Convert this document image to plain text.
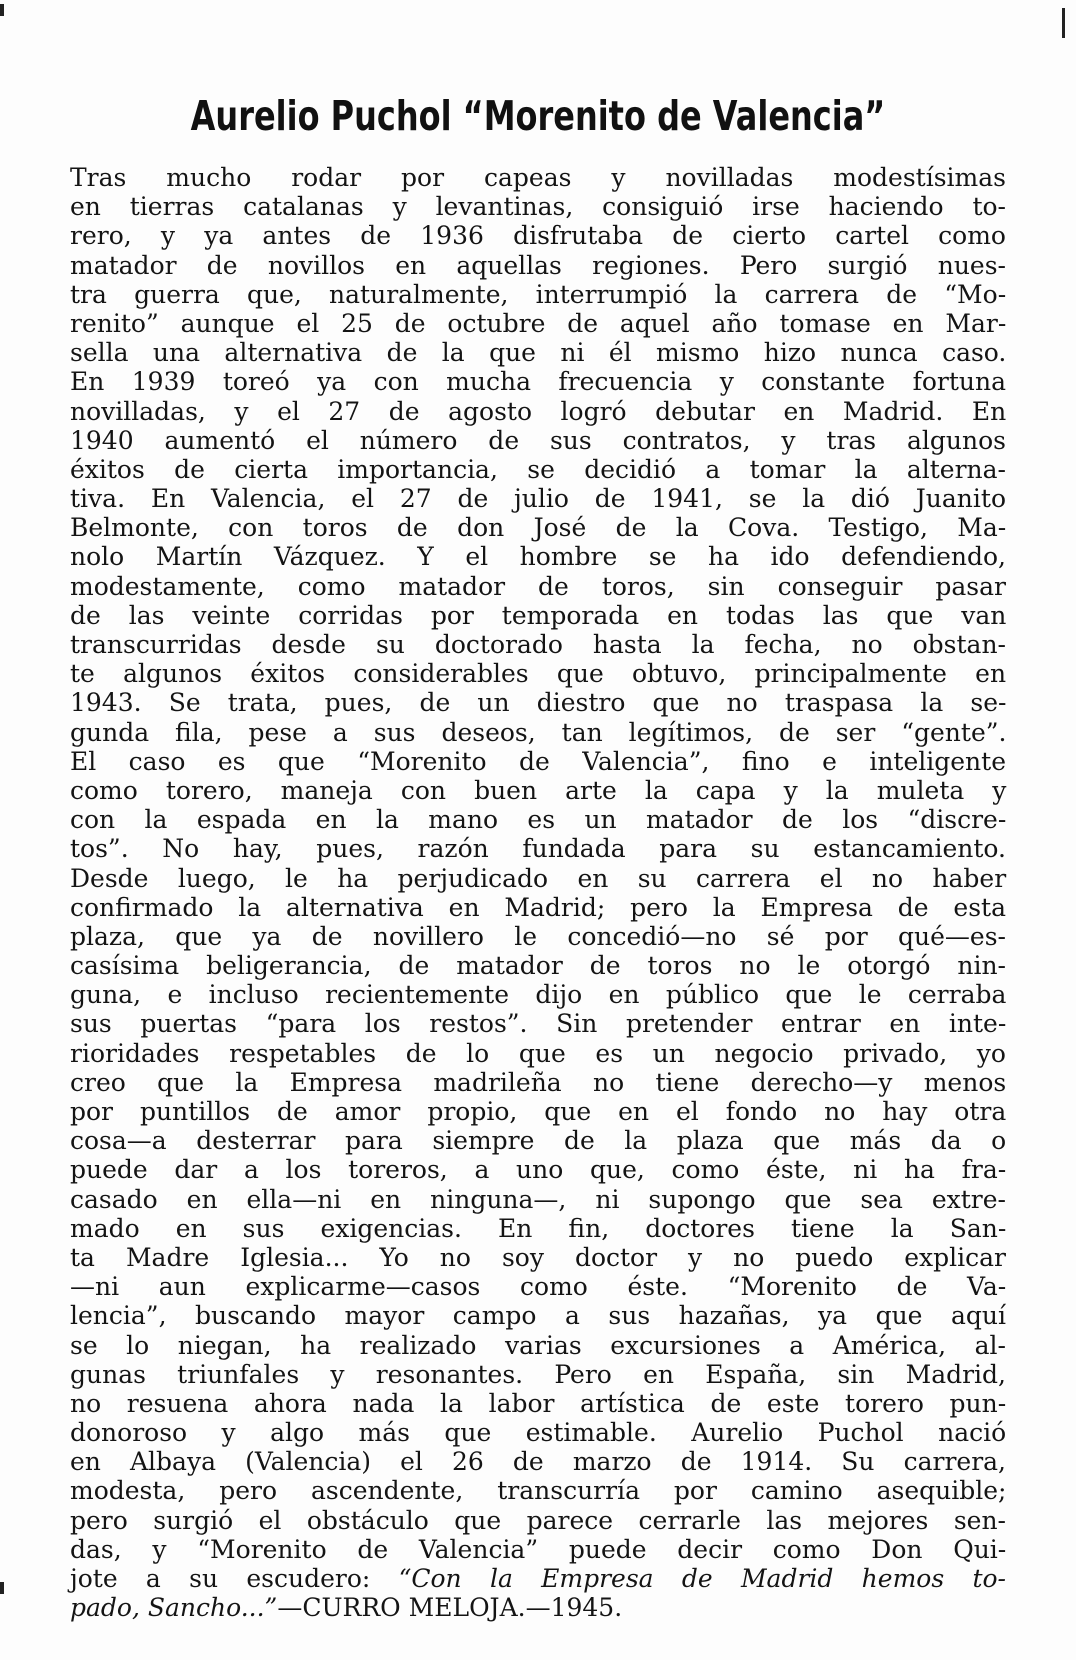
Aurelio Puchol “Morenito de Valencia”
Tras mucho rodar por capeas y novilladas modestísimas
en tierras catalanas y levantinas, consiguió irse haciendo to-
rero, y ya antes de 1936 disfrutaba de cierto cartel como
matador de novillos en aquellas regiones. Pero surgió nues-
tra guerra que, naturalmente, interrumpió la carrera de “Mo-
renito” aunque el 25 de octubre de aquel año tomase en Mar-
sella una alternativa de la que ni él mismo hizo nunca caso.
En 1939 toreó ya con mucha frecuencia y constante fortuna
novilladas, y el 27 de agosto logró debutar en Madrid. En
1940 aumentó el número de sus contratos, y tras algunos
éxitos de cierta importancia, se decidió a tomar la alterna-
tiva. En Valencia, el 27 de julio de 1941, se la dió Juanito
Belmonte, con toros de don José de la Cova. Testigo, Ma-
nolo Martín Vázquez. Y el hombre se ha ido defendiendo,
modestamente, como matador de toros, sin conseguir pasar
de las veinte corridas por temporada en todas las que van
transcurridas desde su doctorado hasta la fecha, no obstan-
te algunos éxitos considerables que obtuvo, principalmente en
1943. Se trata, pues, de un diestro que no traspasa la se-
gunda fila, pese a sus deseos, tan legítimos, de ser “gente”.
El caso es que “Morenito de Valencia”, fino e inteligente
como torero, maneja con buen arte la capa y la muleta y
con la espada en la mano es un matador de los “discre-
tos”. No hay, pues, razón fundada para su estancamiento.
Desde luego, le ha perjudicado en su carrera el no haber
confirmado la alternativa en Madrid; pero la Empresa de esta
plaza, que ya de novillero le concedió—no sé por qué—es-
casísima beligerancia, de matador de toros no le otorgó nin-
guna, e incluso recientemente dijo en público que le cerraba
sus puertas “para los restos”. Sin pretender entrar en inte-
rioridades respetables de lo que es un negocio privado, yo
creo que la Empresa madrileña no tiene derecho—y menos
por puntillos de amor propio, que en el fondo no hay otra
cosa—a desterrar para siempre de la plaza que más da o
puede dar a los toreros, a uno que, como éste, ni ha fra-
casado en ella—ni en ninguna—, ni supongo que sea extre-
mado en sus exigencias. En fin, doctores tiene la San-
ta Madre Iglesia... Yo no soy doctor y no puedo explicar
—ni aun explicarme—casos como éste. “Morenito de Va-
lencia”, buscando mayor campo a sus hazañas, ya que aquí
se lo niegan, ha realizado varias excursiones a América, al-
gunas triunfales y resonantes. Pero en España, sin Madrid,
no resuena ahora nada la labor artística de este torero pun-
donoroso y algo más que estimable. Aurelio Puchol nació
en Albaya (Valencia) el 26 de marzo de 1914. Su carrera,
modesta, pero ascendente, transcurría por camino asequible;
pero surgió el obstáculo que parece cerrarle las mejores sen-
das, y “Morenito de Valencia” puede decir como Don Qui-
jote a su escudero: “Con la Empresa de Madrid hemos to-
pado, Sancho...”—CURRO MELOJA.—1945.
